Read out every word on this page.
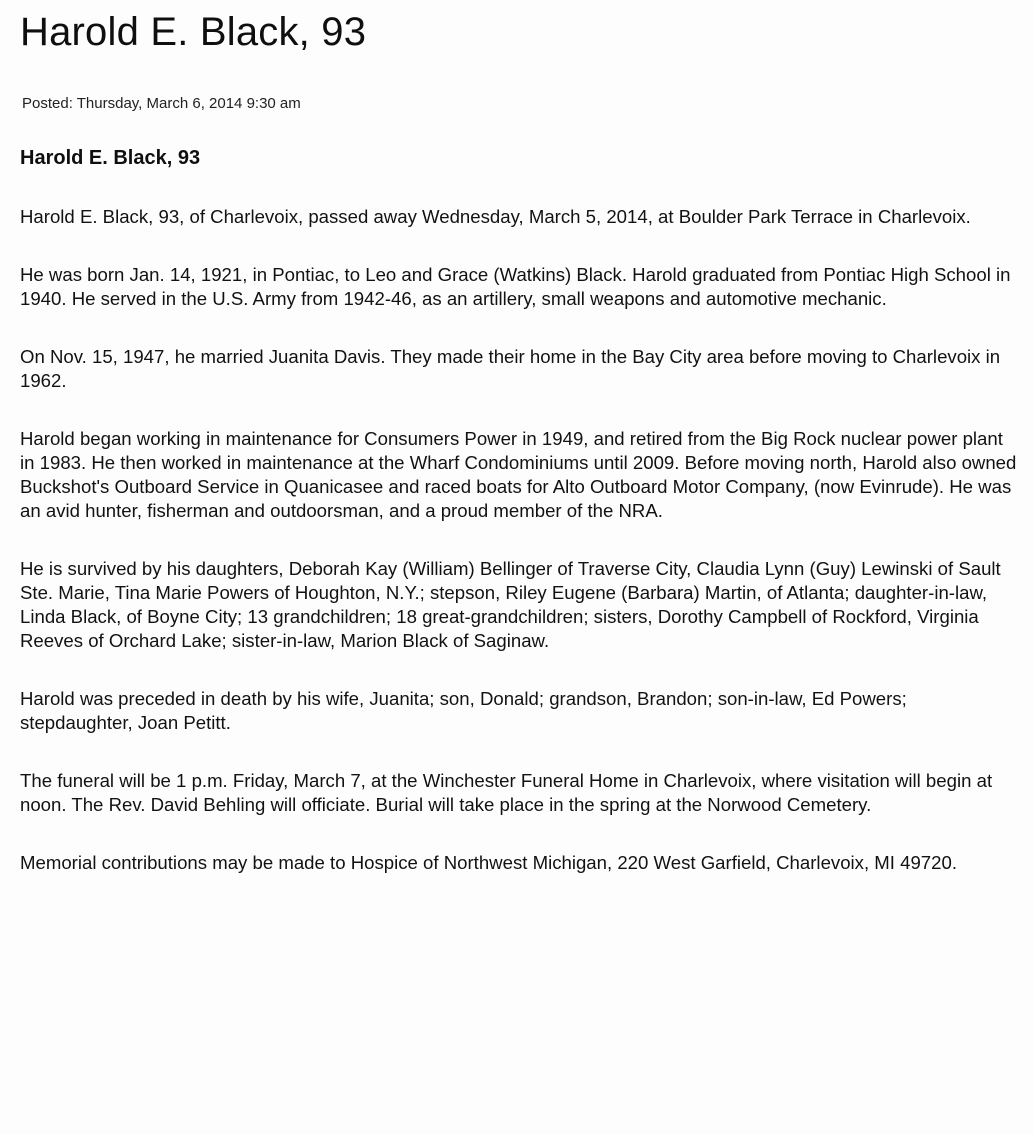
Harold E. Black, 93
Posted: Thursday, March 6, 2014 9:30 am
Harold E. Black, 93

Harold E. Black, 93, of Charlevoix, passed away Wednesday, March 5, 2014, at Boulder Park Terrace in Charlevoix.

He was born Jan. 14, 1921, in Pontiac, to Leo and Grace (Watkins) Black. Harold graduated from Pontiac High School in 1940. He served in the U.S. Army from 1942-46, as an artillery, small weapons and automotive mechanic.

On Nov. 15, 1947, he married Juanita Davis. They made their home in the Bay City area before moving to Charlevoix in 1962.

Harold began working in maintenance for Consumers Power in 1949, and retired from the Big Rock nuclear power plant in 1983. He then worked in maintenance at the Wharf Condominiums until 2009. Before moving north, Harold also owned Buckshot's Outboard Service in Quanicasee and raced boats for Alto Outboard Motor Company, (now Evinrude). He was an avid hunter, fisherman and outdoorsman, and a proud member of the NRA.

He is survived by his daughters, Deborah Kay (William) Bellinger of Traverse City, Claudia Lynn (Guy) Lewinski of Sault Ste. Marie, Tina Marie Powers of Houghton, N.Y.; stepson, Riley Eugene (Barbara) Martin, of Atlanta; daughter-in-law, Linda Black, of Boyne City; 13 grandchildren; 18 great-grandchildren; sisters, Dorothy Campbell of Rockford, Virginia Reeves of Orchard Lake; sister-in-law, Marion Black of Saginaw.

Harold was preceded in death by his wife, Juanita; son, Donald; grandson, Brandon; son-in-law, Ed Powers; stepdaughter, Joan Petitt.

The funeral will be 1 p.m. Friday, March 7, at the Winchester Funeral Home in Charlevoix, where visitation will begin at noon. The Rev. David Behling will officiate. Burial will take place in the spring at the Norwood Cemetery.

Memorial contributions may be made to Hospice of Northwest Michigan, 220 West Garfield, Charlevoix, MI 49720.
